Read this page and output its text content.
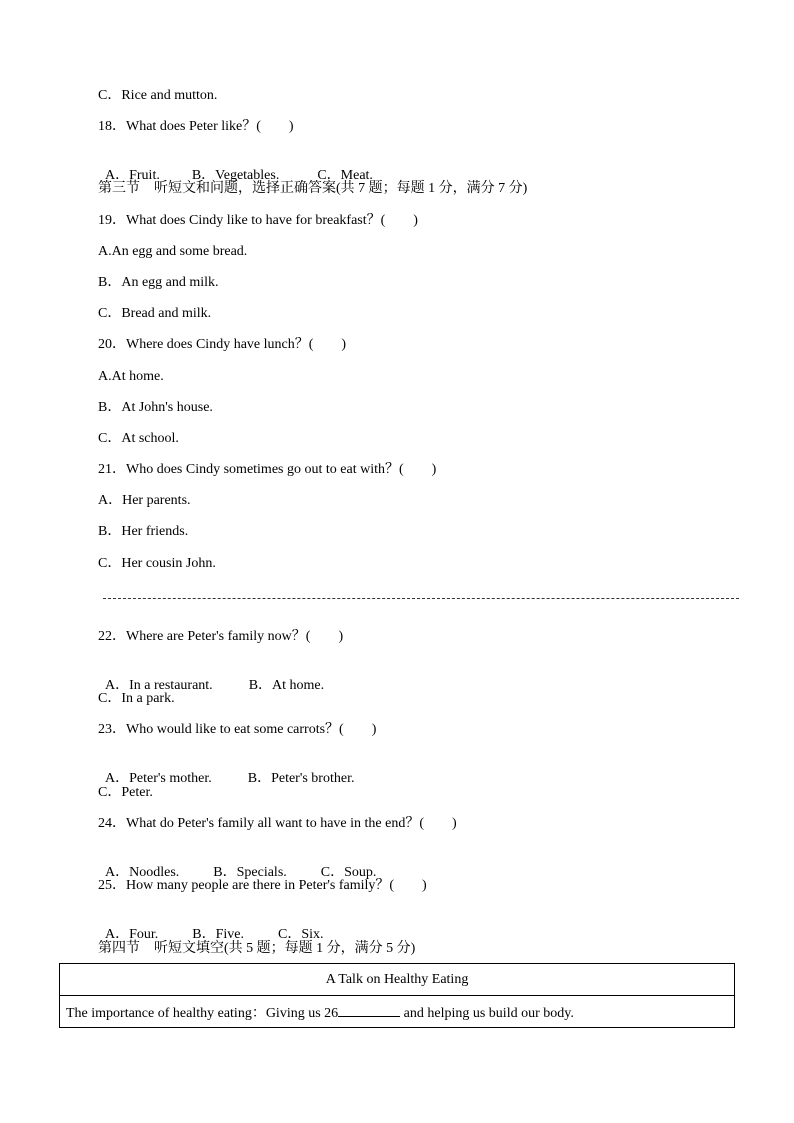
C．Rice and mutton.
18．What does Peter like？(　　)

A．Fruit. B．Vegetables.	C．Meat.

第三节　听短文和问题，选择正确答案(共 7 题；每题 1 分，满分 7 分)
19．What does Cindy like to have for breakfast？(　　)
A.An egg and some bread.
B．An egg and milk.
C．Bread and milk.
20．Where does Cindy have lunch？(　　)
A.At home.
B．At John's house.
C．At school.
21．Who does Cindy sometimes go out to eat with？(　　)
A．Her parents.
B．Her friends.
C．Her cousin John.
22．Where are Peter's family now？(　　)

A．In a restaurant.	B．At home.

C．In a park.
23．Who would like to eat some carrots？(　　)

A．Peter's mother.	B．Peter's brother.

C．Peter.
24．What do Peter's family all want to have in the end？(　　)

A．Noodles. B．Specials. C．Soup.

25．How many people are there in Peter's family？(　　)

A．Four. B．Five. C．Six.

第四节　听短文填空(共 5 题；每题 1 分，满分 5 分)
A Talk on Healthy Eating
The importance of healthy eating：Giving us 26	and helping us build our body.
